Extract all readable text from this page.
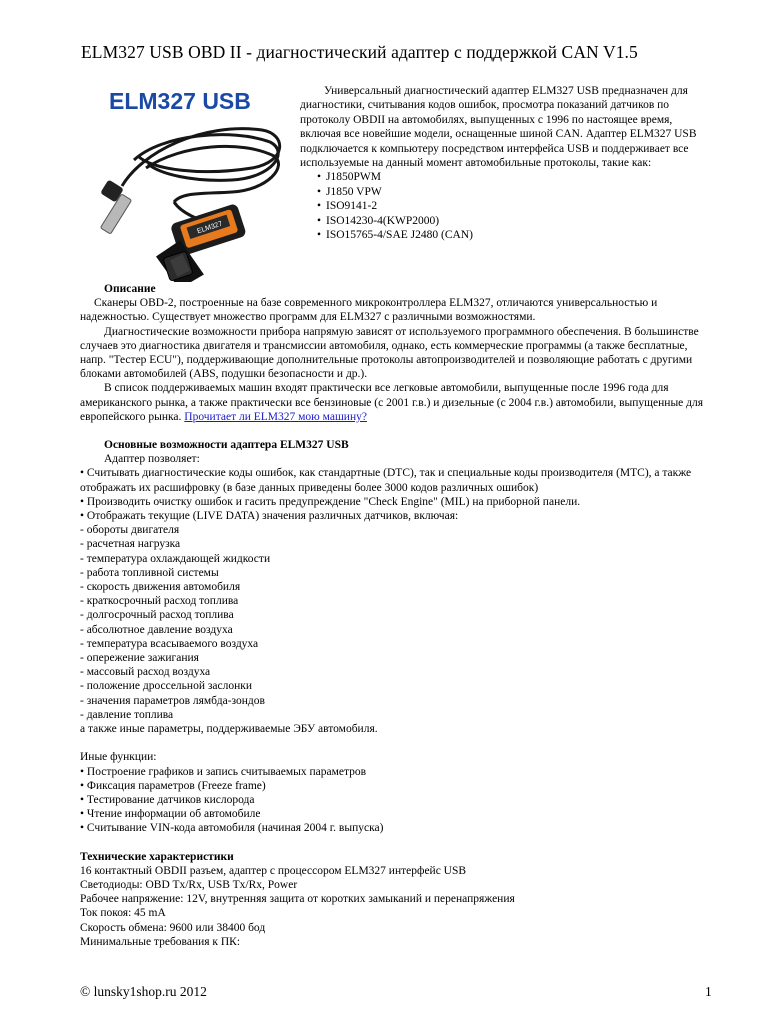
ELM327 USB OBD II - диагностический адаптер с поддержкой CAN V1.5
ELM327 USB
ELM327

Универсальный диагностический адаптер ELM327 USB предназначен для диагностики, считывания кодов ошибок, просмотра показаний датчиков по протоколу OBDII на автомобилях, выпущенных с 1996 по настоящее время, включая все новейшие модели, оснащенные шиной CAN. Адаптер ELM327 USB подключается к компьютеру посредством интерфейса USB и поддерживает все используемые на данный момент автомобильные протоколы, такие как:

• J1850PWM
• J1850 VPW
• ISO9141-2
• ISO14230-4(KWP2000)
• ISO15765-4/SAE J2480 (CAN)

Описание

Сканеры OBD-2, построенные на базе современного микроконтроллера ELM327, отличаются универсальностью и надежностью. Существует множество программ для ELM327 с различными возможностями.

Диагностические возможности прибора напрямую зависят от используемого программного обеспечения. В большинстве случаев это диагностика двигателя и трансмиссии автомобиля, однако, есть коммерческие программы (а также бесплатные, напр. "Тестер ECU"), поддерживающие дополнительные протоколы автопроизводителей и позволяющие работать с другими блоками автомобилей (ABS, подушки безопасности и др.).

В список поддерживаемых машин входят практически все легковые автомобили, выпущенные после 1996 года для американского рынка, а также практически все бензиновые (с 2001 г.в.) и дизельные (с 2004 г.в.) автомобили, выпущенные для европейского рынка. Прочитает ли ELM327 мою машину?

Основные возможности адаптера ELM327 USB

Адаптер позволяет:

• Считывать диагностические коды ошибок, как стандартные (DTC), так и специальные коды производителя (MTC), а также отображать их расшифровку (в базе данных приведены более 3000 кодов различных ошибок)
• Производить очистку ошибок и гасить предупреждение "Check Engine" (MIL) на приборной панели.
• Отображать текущие (LIVE DATA) значения различных датчиков, включая:
- обороты двигателя
- расчетная нагрузка
- температура охлаждающей жидкости
- работа топливной системы
- скорость движения автомобиля
- краткосрочный расход топлива
- долгосрочный расход топлива
- абсолютное давление воздуха
- температура всасываемого воздуха
- опережение зажигания
- массовый расход воздуха
- положение дроссельной заслонки
- значения параметров лямбда-зондов
- давление топлива

а также иные параметры, поддерживаемые ЭБУ автомобиля.

Иные функции:

• Построение графиков и запись считываемых параметров
• Фиксация параметров (Freeze frame)
• Тестирование датчиков кислорода
• Чтение информации об автомобиле
• Считывание VIN-кода автомобиля (начиная 2004 г. выпуска)

Технические характеристики

16 контактный OBDII разъем, адаптер с процессором ELM327 интерфейс USB
Светодиоды: OBD Tx/Rx, USB Tx/Rx, Power
Рабочее напряжение: 12V, внутренняя защита от коротких замыканий и перенапряжения
Ток покоя: 45 mA
Скорость обмена: 9600 или 38400 бод
Минимальные требования к ПК:
© lunsky1shop.ru 2012	1
